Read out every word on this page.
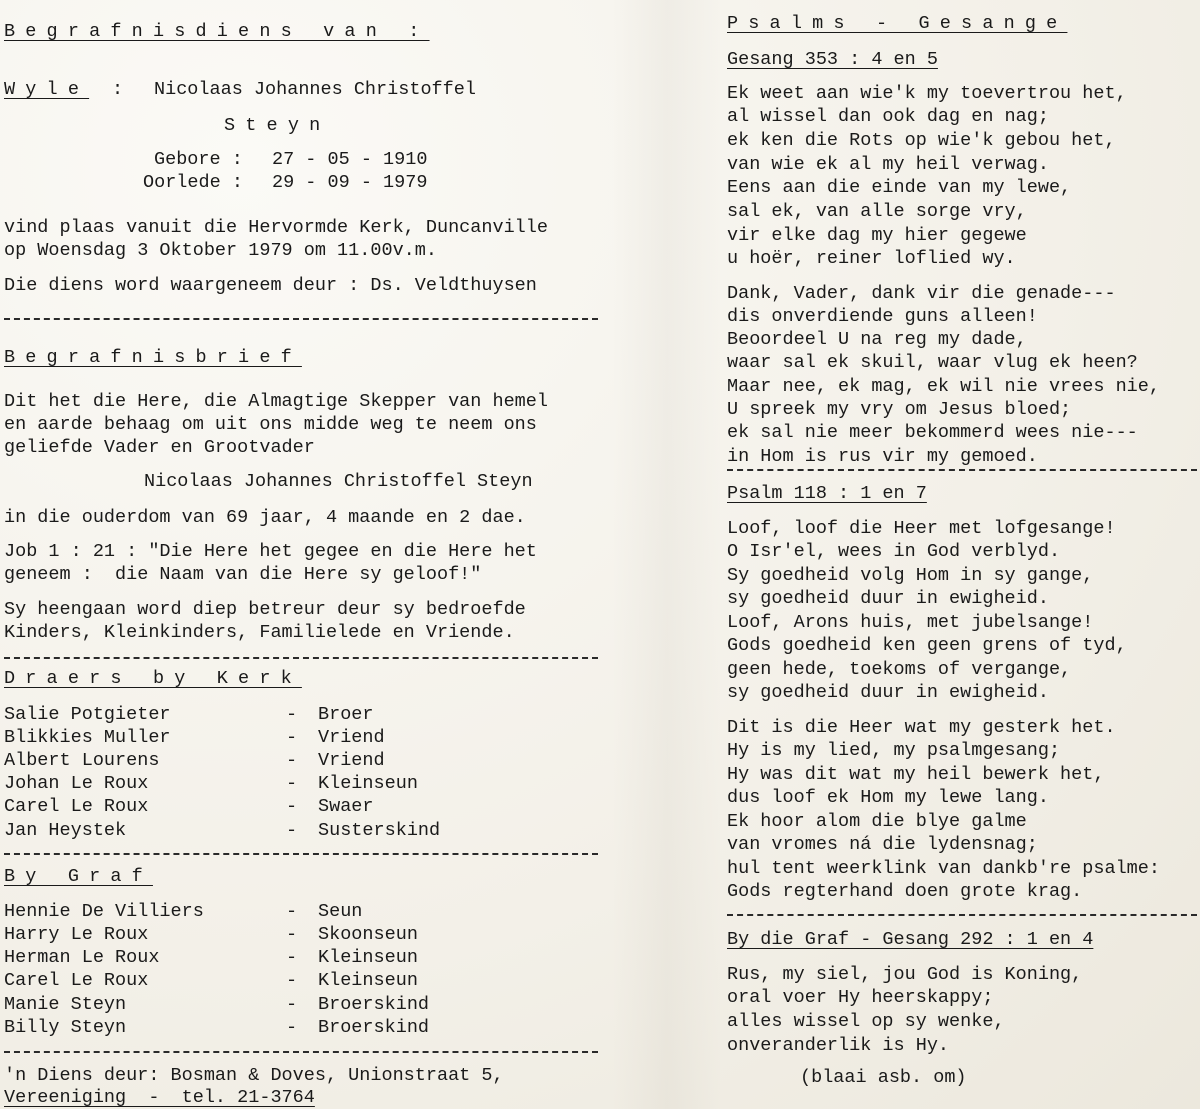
Begrafnisdiens van :
Wyle : Nicolaas Johannes Christoffel
Steyn
Gebore : 27 - 05 - 1910
Oorlede : 29 - 09 - 1979
vind plaas vanuit die Hervormde Kerk, Duncanville
op Woensdag 3 Oktober 1979 om 11.00v.m.
Die diens word waargeneem deur : Ds. Veldthuysen
Begrafnisbrief
Dit het die Here, die Almagtige Skepper van hemel
en aarde behaag om uit ons midde weg te neem ons
geliefde Vader en Grootvader
Nicolaas Johannes Christoffel Steyn
in die ouderdom van 69 jaar, 4 maande en 2 dae.
Job 1 : 21 : "Die Here het gegee en die Here het
geneem :  die Naam van die Here sy geloof!"
Sy heengaan word diep betreur deur sy bedroefde
Kinders, Kleinkinders, Familielede en Vriende.
Draers by Kerk
Salie Potgieter	- Broer
Blikkies Muller	- Vriend
Albert Lourens	- Vriend
Johan Le Roux	- Kleinseun
Carel Le Roux	- Swaer
Jan Heystek	- Susterskind
By Graf
Hennie De Villiers	- Seun
Harry Le Roux	- Skoonseun
Herman Le Roux	- Kleinseun
Carel Le Roux	- Kleinseun
Manie Steyn	- Broerskind
Billy Steyn	- Broerskind
'n Diens deur: Bosman & Doves, Unionstraat 5,
Vereeniging  -  tel. 21-3764
Psalms - Gesange
Gesang 353 : 4 en 5
Ek weet aan wie'k my toevertrou het,
al wissel dan ook dag en nag;
ek ken die Rots op wie'k gebou het,
van wie ek al my heil verwag.
Eens aan die einde van my lewe,
sal ek, van alle sorge vry,
vir elke dag my hier gegewe
u hoër, reiner loflied wy.
Dank, Vader, dank vir die genade---
dis onverdiende guns alleen!
Beoordeel U na reg my dade,
waar sal ek skuil, waar vlug ek heen?
Maar nee, ek mag, ek wil nie vrees nie,
U spreek my vry om Jesus bloed;
ek sal nie meer bekommerd wees nie---
in Hom is rus vir my gemoed.
Psalm 118 : 1 en 7
Loof, loof die Heer met lofgesange!
O Isr'el, wees in God verblyd.
Sy goedheid volg Hom in sy gange,
sy goedheid duur in ewigheid.
Loof, Arons huis, met jubelsange!
Gods goedheid ken geen grens of tyd,
geen hede, toekoms of vergange,
sy goedheid duur in ewigheid.
Dit is die Heer wat my gesterk het.
Hy is my lied, my psalmgesang;
Hy was dit wat my heil bewerk het,
dus loof ek Hom my lewe lang.
Ek hoor alom die blye galme
van vromes ná die lydensnag;
hul tent weerklink van dankb're psalme:
Gods regterhand doen grote krag.
By die Graf - Gesang 292 : 1 en 4
Rus, my siel, jou God is Koning,
oral voer Hy heerskappy;
alles wissel op sy wenke,
onveranderlik is Hy.
(blaai asb. om)
